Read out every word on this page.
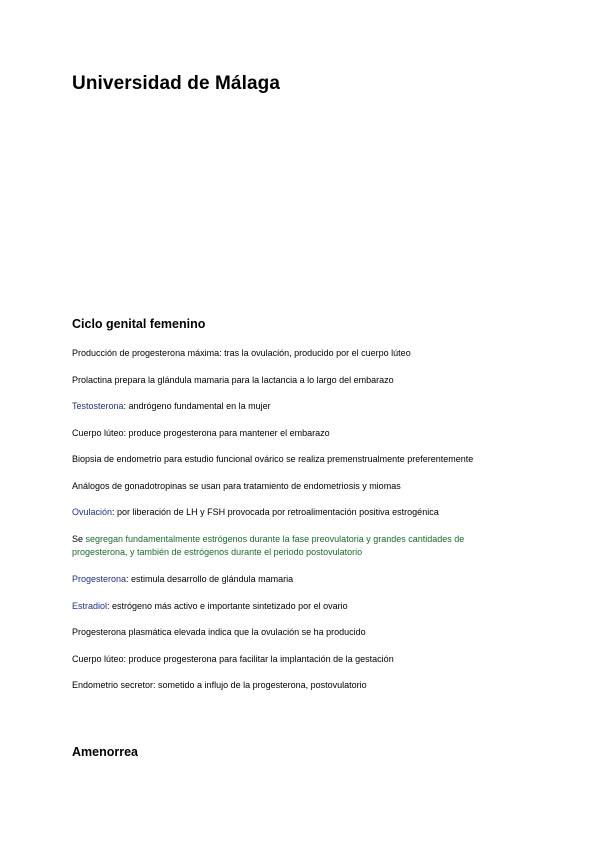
Universidad de Málaga
Ciclo genital femenino

Producción de progesterona máxima: tras la ovulación, producido por el cuerpo lúteo

Prolactina prepara la glándula mamaria para la lactancia a lo largo del embarazo

Testosterona: andrógeno fundamental en la mujer

Cuerpo lúteo: produce progesterona para mantener el embarazo

Biopsia de endometrio para estudio funcional ovárico se realiza premenstrualmente preferentemente

Análogos de gonadotropinas se usan para tratamiento de endometriosis y miomas

Ovulación: por liberación de LH y FSH provocada por retroalimentación positiva estrogénica

Se segregan fundamentalmente estrógenos durante la fase preovulatoria y grandes cantidades de progesterona, y también de estrógenos durante el periodo postovulatorio

Progesterona: estimula desarrollo de glándula mamaria

Estradiol: estrógeno más activo e importante sintetizado por el ovario

Progesterona plasmática elevada indica que la ovulación se ha producido

Cuerpo lúteo: produce progesterona para facilitar la implantación de la gestación

Endometrio secretor: sometido a influjo de la progesterona, postovulatorio

Amenorrea
